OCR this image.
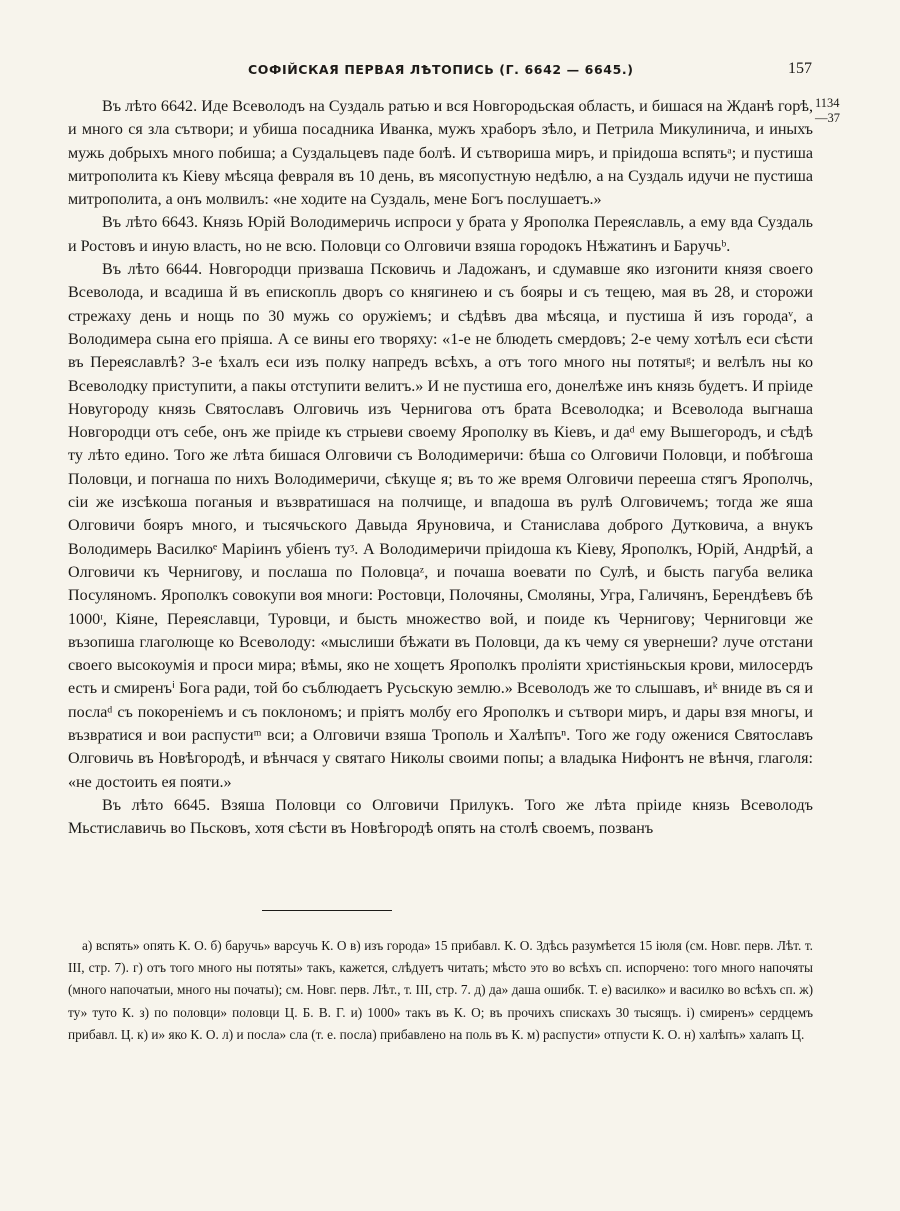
СОФІЙСКАЯ ПЕРВАЯ ЛѢТОПИСЬ (Г. 6642 — 6645.)	157
1134
—37

Въ лѣто 6642. Иде Всеволодъ на Суздаль ратью и вся Новгородьская область, и бишася на Жданѣ горѣ, и много ся зла сътвори; и убиша посадника Иванка, мужъ храборъ зѣло, и Петрила Микулинича, и иныхъ мужь добрыхъ много побиша; а Суздальцевъ паде болѣ. И сътвориша миръ, и пріидоша вспятьᵃ; и пустиша митрополита къ Кіеву мѣсяца февраля въ 10 день, въ мясопустную недѣлю, а на Суздаль идучи не пустиша митрополита, а онъ молвилъ: «не ходите на Суздаль, мене Богъ послушаетъ.»

Въ лѣто 6643. Князь Юрій Володимеричь испроси у брата у Ярополка Переяславль, а ему вда Суздаль и Ростовъ и иную власть, но не всю. Половци со Олговичи взяша городокъ Нѣжатинъ и Баручьᵇ.

Въ лѣто 6644. Новгородци призваша Псковичь и Ладожанъ, и сдумавше яко изгонити князя своего Всеволода, и всадиша й въ епископль дворъ со княгинею и съ бояры и съ тещею, мая въ 28, и сторожи стрежаху день и нощь по 30 мужь со оружіемъ; и сѣдѣвъ два мѣсяца, и пустиша й изъ городаᵛ, а Володимера сына его пріяша. А се вины его творяху: «1-е не блюдеть смердовъ; 2-е чему хотѣлъ еси сѣсти въ Переяславлѣ? 3-е ѣхалъ еси изъ полку напредъ всѣхъ, а отъ того много ны потятыᵍ; и велѣлъ ны ко Всеволодку приступити, а пакы отступити велитъ.» И не пустиша его, донелѣже инъ князь будетъ. И пріиде Новугороду князь Святославъ Олговичь изъ Чернигова отъ брата Всеволодка; и Всеволода выгнаша Новгородци отъ себе, онъ же пріиде къ стрыеви своему Ярополку въ Кіевъ, и даᵈ ему Вышегородъ, и сѣдѣ ту лѣто едино. Того же лѣта бишася Олговичи съ Володимеричи: бѣша со Олговичи Половци, и побѣгоша Половци, и погнаша по нихъ Володимеричи, сѣкуще я; въ то же время Олговичи перееша стягъ Ярополчь, сіи же изсѣкоша поганыя и възвратишася на полчище, и впадоша въ рулѣ Олговичемъ; тогда же яша Олговичи бояръ много, и тысячьского Давыда Яруновича, и Станислава доброго Дутковича, а внукъ Володимерь Василкоᵉ Маріинъ убіенъ туᶾ. А Володимеричи пріидоша къ Кіеву, Ярополкъ, Юрій, Андрѣй, а Олговичи къ Чернигову, и послаша по Половцаᶻ, и почаша воевати по Сулѣ, и бысть пагуба велика Посуляномъ. Ярополкъ совокупи воя многи: Ростовци, Полочяны, Смоляны, Угра, Галичянъ, Берендѣевъ бѣ 1000ᶦ, Кіяне, Переяславци, Туровци, и бысть множество вой, и поиде къ Чернигову; Черниговци же възопиша глаголюще ко Всеволоду: «мыслиши бѣжати въ Половци, да къ чему ся увернеши? луче отстани своего высокоумія и проси мира; вѣмы, яко не хощетъ Ярополкъ проліяти христіяньскыя крови, милосердъ есть и смиренъⁱ Бога ради, той бо съблюдаетъ Русьскую землю.» Всеволодъ же то слышавъ, иᵏ вниде въ ся и послаᵈ съ покореніемъ и съ поклономъ; и пріятъ молбу его Ярополкъ и сътвори миръ, и дары взя многы, и възвратися и вои распустиᵐ вси; а Олговичи взяша Трополь и Халѣпъⁿ. Того же году оженися Святославъ Олговичь въ Новѣгородѣ, и вѣнчася у святаго Николы своими попы; а владыка Нифонтъ не вѣнчя, глаголя: «не достоить ея пояти.»

Въ лѣто 6645. Взяша Половци со Олговичи Прилукъ. Того же лѣта пріиде князь Всеволодъ Мьстиславичь во Пьсковъ, хотя сѣсти въ Новѣгородѣ опять на столѣ своемъ, позванъ

а) вспять» опять К. О. б) баручь» варсучь К. О в) изъ города» 15 прибавл. К. О. Здѣсь разумѣется 15 іюля (см. Новг. перв. Лѣт. т. III, стр. 7). г) отъ того много ны потяты» такъ, кажется, слѣдуетъ читать; мѣсто это во всѣхъ сп. испорчено: того много напочяты (много напочатыи, много ны початы); см. Новг. перв. Лѣт., т. III, стр. 7. д) да» даша ошибк. Т. е) василко» и василко во всѣхъ сп. ж) ту» туто К. з) по половци» половци Ц. Б. В. Г. и) 1000» такъ въ К. О; въ прочихъ спискахъ 30 тысящъ. і) смиренъ» сердцемъ прибавл. Ц. к) и» яко К. О. л) и посла» сла (т. е. посла) прибавлено на поль въ К. м) распусти» отпусти К. О. н) халѣпъ» халапъ Ц.
